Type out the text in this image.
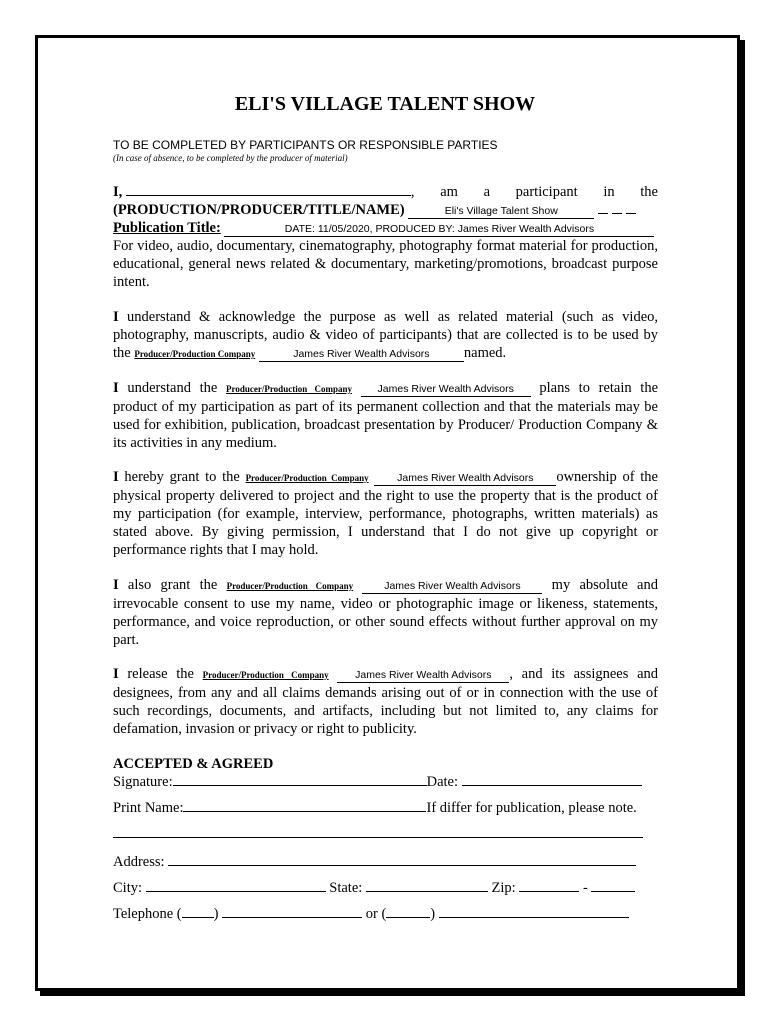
ELI'S VILLAGE TALENT SHOW
TO BE COMPLETED BY PARTICIPANTS OR RESPONSIBLE PARTIES
(In case of absence, to be completed by the producer of material)
I,	, am a participant in the
(PRODUCTION/PRODUCER/TITLE/NAME)	Eli's Village Talent Show
Publication Title:	DATE: 11/05/2020, PRODUCED BY: James River Wealth Advisors
For video, audio, documentary, cinematography, photography format material for production, educational, general news related & documentary, marketing/promotions, broadcast purpose intent.
I understand & acknowledge the purpose as well as related material (such as video, photography, manuscripts, audio & video of participants) that are collected is to be used by the Producer/Production Company	James River Wealth Advisors named.
I understand the Producer/Production Company James River Wealth Advisors plans to retain the product of my participation as part of its permanent collection and that the materials may be used for exhibition, publication, broadcast presentation by Producer/ Production Company & its activities in any medium.
I hereby grant to the Producer/Production Company	James River Wealth Advisors ownership of the physical property delivered to project and the right to use the property that is the product of my participation (for example, interview, performance, photographs, written materials) as stated above. By giving permission, I understand that I do not give up copyright or performance rights that I may hold.
I also grant the Producer/Production Company	James River Wealth Advisors my absolute and irrevocable consent to use my name, video or photographic image or likeness, statements, performance, and voice reproduction, or other sound effects without further approval on my part.
I release the Producer/Production Company	James River Wealth Advisors , and its assignees and designees, from any and all claims demands arising out of or in connection with the use of such recordings, documents, and artifacts, including but not limited to, any claims for defamation, invasion or privacy or right to publicity.
ACCEPTED & AGREED
Signature:	Date:
Print Name:	If differ for publication, please note.
Address:
City:	State:	Zip:	-
Telephone ( )	or (	)
